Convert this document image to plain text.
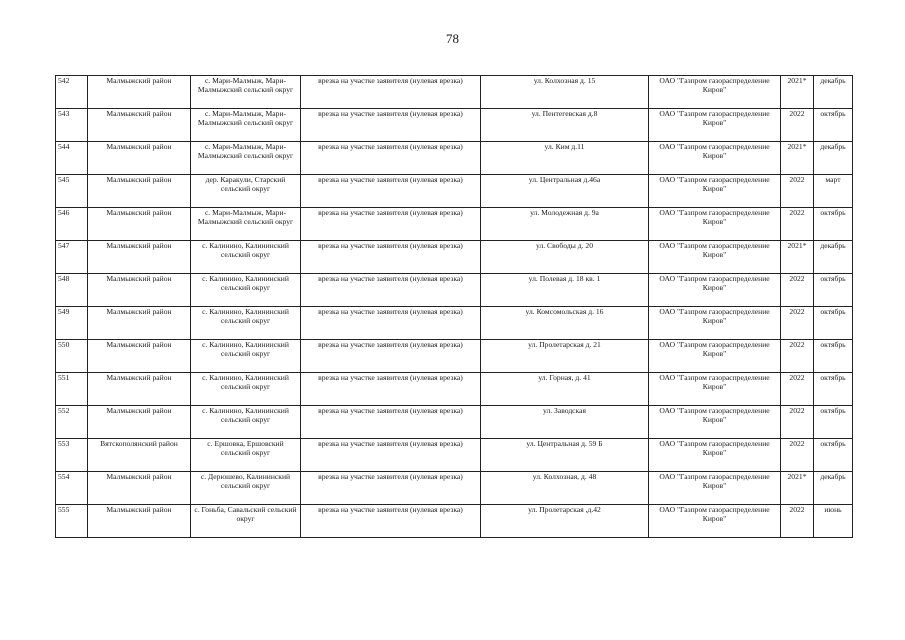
78
542	Малмыжский район	с. Мари-Малмыж, Мари-Малмыжский сельский округ	врезка на участке заявителя (нулевая врезка)	ул. Колхозная д. 15	ОАО "Газпром газораспределение Киров"	2021*	декабрь
543	Малмыжский район	с. Мари-Малмыж, Мари-Малмыжский сельский округ	врезка на участке заявителя (нулевая врезка)	ул. Пентегевская д.8	ОАО "Газпром газораспределение Киров"	2022	октябрь
544	Малмыжский район	с. Мари-Малмыж, Мари-Малмыжский сельский округ	врезка на участке заявителя (нулевая врезка)	ул. Ким д.11	ОАО "Газпром газораспределение Киров"	2021*	декабрь
545	Малмыжский район	дер. Каракули, Старский сельский округ	врезка на участке заявителя (нулевая врезка)	ул. Центральная д.46а	ОАО "Газпром газораспределение Киров"	2022	март
546	Малмыжский район	с. Мари-Малмыж, Мари-Малмыжский сельский округ	врезка на участке заявителя (нулевая врезка)	ул. Молодежная д. 9а	ОАО "Газпром газораспределение Киров"	2022	октябрь
547	Малмыжский район	с. Калинино, Калининский сельский округ	врезка на участке заявителя (нулевая врезка)	ул. Свободы д. 20	ОАО "Газпром газораспределение Киров"	2021*	декабрь
548	Малмыжский район	с. Калинино, Калининский сельский округ	врезка на участке заявителя (нулевая врезка)	ул. Полевая д. 18 кв. 1	ОАО "Газпром газораспределение Киров"	2022	октябрь
549	Малмыжский район	с. Калинино, Калининский сельский округ	врезка на участке заявителя (нулевая врезка)	ул. Комсомольская д. 16	ОАО "Газпром газораспределение Киров"	2022	октябрь
550	Малмыжский район	с. Калинино, Калининский сельский округ	врезка на участке заявителя (нулевая врезка)	ул. Пролетарская д. 21	ОАО "Газпром газораспределение Киров"	2022	октябрь
551	Малмыжский район	с. Калинино, Калининский сельский округ	врезка на участке заявителя (нулевая врезка)	ул. Горная, д. 41	ОАО "Газпром газораспределение Киров"	2022	октябрь
552	Малмыжский район	с. Калинино, Калининский сельский округ	врезка на участке заявителя (нулевая врезка)	ул. Заводская	ОАО "Газпром газораспределение Киров"	2022	октябрь
553	Вятскополянский район	с. Ершовка, Ершовский сельский округ	врезка на участке заявителя (нулевая врезка)	ул. Центральная д. 59 Б	ОАО "Газпром газораспределение Киров"	2022	октябрь
554	Малмыжский район	с. Дерюшево, Калининский сельский округ	врезка на участке заявителя (нулевая врезка)	ул. Колхозная, д. 48	ОАО "Газпром газораспределение Киров"	2021*	декабрь
555	Малмыжский район	с. Гоньба, Савальский сельский округ	врезка на участке заявителя (нулевая врезка)	ул. Пролетарская ,д.42	ОАО "Газпром газораспределение Киров"	2022	июнь
